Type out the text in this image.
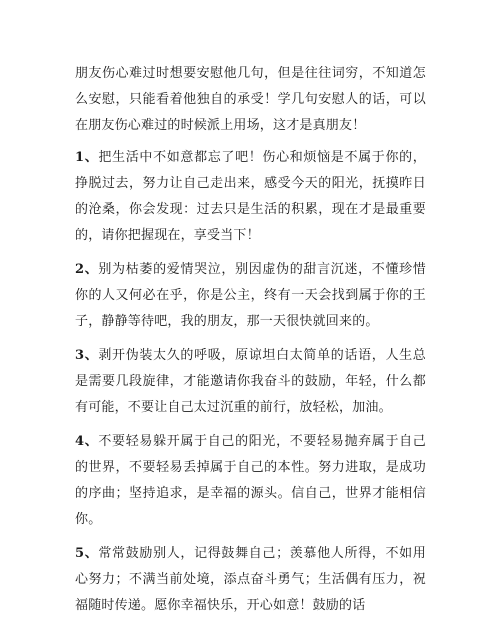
朋友伤心难过时想要安慰他几句，但是往往词穷，不知道怎么安慰，只能看着他独自的承受！学几句安慰人的话，可以在朋友伤心难过的时候派上用场，这才是真朋友！

1、把生活中不如意都忘了吧！伤心和烦恼是不属于你的，挣脱过去，努力让自己走出来，感受今天的阳光，抚摸昨日的沧桑，你会发现：过去只是生活的积累，现在才是最重要的，请你把握现在，享受当下！

2、别为枯萎的爱情哭泣，别因虚伪的甜言沉迷，不懂珍惜你的人又何必在乎，你是公主，终有一天会找到属于你的王子，静静等待吧，我的朋友，那一天很快就回来的。

3、剥开伪装太久的呼吸，原谅坦白太简单的话语，人生总是需要几段旋律，才能邀请你我奋斗的鼓励，年轻，什么都有可能，不要让自己太过沉重的前行，放轻松，加油。

4、不要轻易躲开属于自己的阳光，不要轻易抛弃属于自己的世界，不要轻易丢掉属于自己的本性。努力进取，是成功的序曲；坚持追求，是幸福的源头。信自己，世界才能相信你。

5、常常鼓励别人，记得鼓舞自己；羡慕他人所得，不如用心努力；不满当前处境，添点奋斗勇气；生活偶有压力，祝福随时传递。愿你幸福快乐，开心如意！鼓励的话
